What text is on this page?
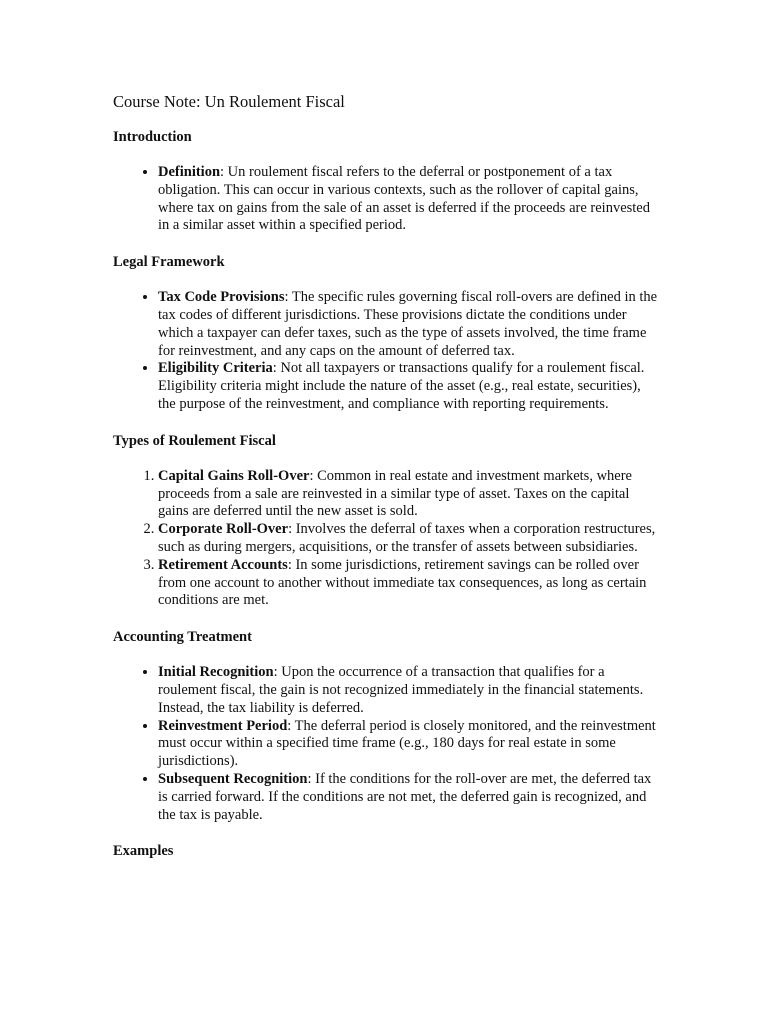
Course Note: Un Roulement Fiscal
Introduction
• Definition: Un roulement fiscal refers to the deferral or postponement of a tax obligation. This can occur in various contexts, such as the rollover of capital gains, where tax on gains from the sale of an asset is deferred if the proceeds are reinvested in a similar asset within a specified period.
Legal Framework
• Tax Code Provisions: The specific rules governing fiscal roll-overs are defined in the tax codes of different jurisdictions. These provisions dictate the conditions under which a taxpayer can defer taxes, such as the type of assets involved, the time frame for reinvestment, and any caps on the amount of deferred tax.
• Eligibility Criteria: Not all taxpayers or transactions qualify for a roulement fiscal. Eligibility criteria might include the nature of the asset (e.g., real estate, securities), the purpose of the reinvestment, and compliance with reporting requirements.
Types of Roulement Fiscal
1. Capital Gains Roll-Over: Common in real estate and investment markets, where proceeds from a sale are reinvested in a similar type of asset. Taxes on the capital gains are deferred until the new asset is sold.
2. Corporate Roll-Over: Involves the deferral of taxes when a corporation restructures, such as during mergers, acquisitions, or the transfer of assets between subsidiaries.
3. Retirement Accounts: In some jurisdictions, retirement savings can be rolled over from one account to another without immediate tax consequences, as long as certain conditions are met.
Accounting Treatment
• Initial Recognition: Upon the occurrence of a transaction that qualifies for a roulement fiscal, the gain is not recognized immediately in the financial statements. Instead, the tax liability is deferred.
• Reinvestment Period: The deferral period is closely monitored, and the reinvestment must occur within a specified time frame (e.g., 180 days for real estate in some jurisdictions).
• Subsequent Recognition: If the conditions for the roll-over are met, the deferred tax is carried forward. If the conditions are not met, the deferred gain is recognized, and the tax is payable.
Examples
